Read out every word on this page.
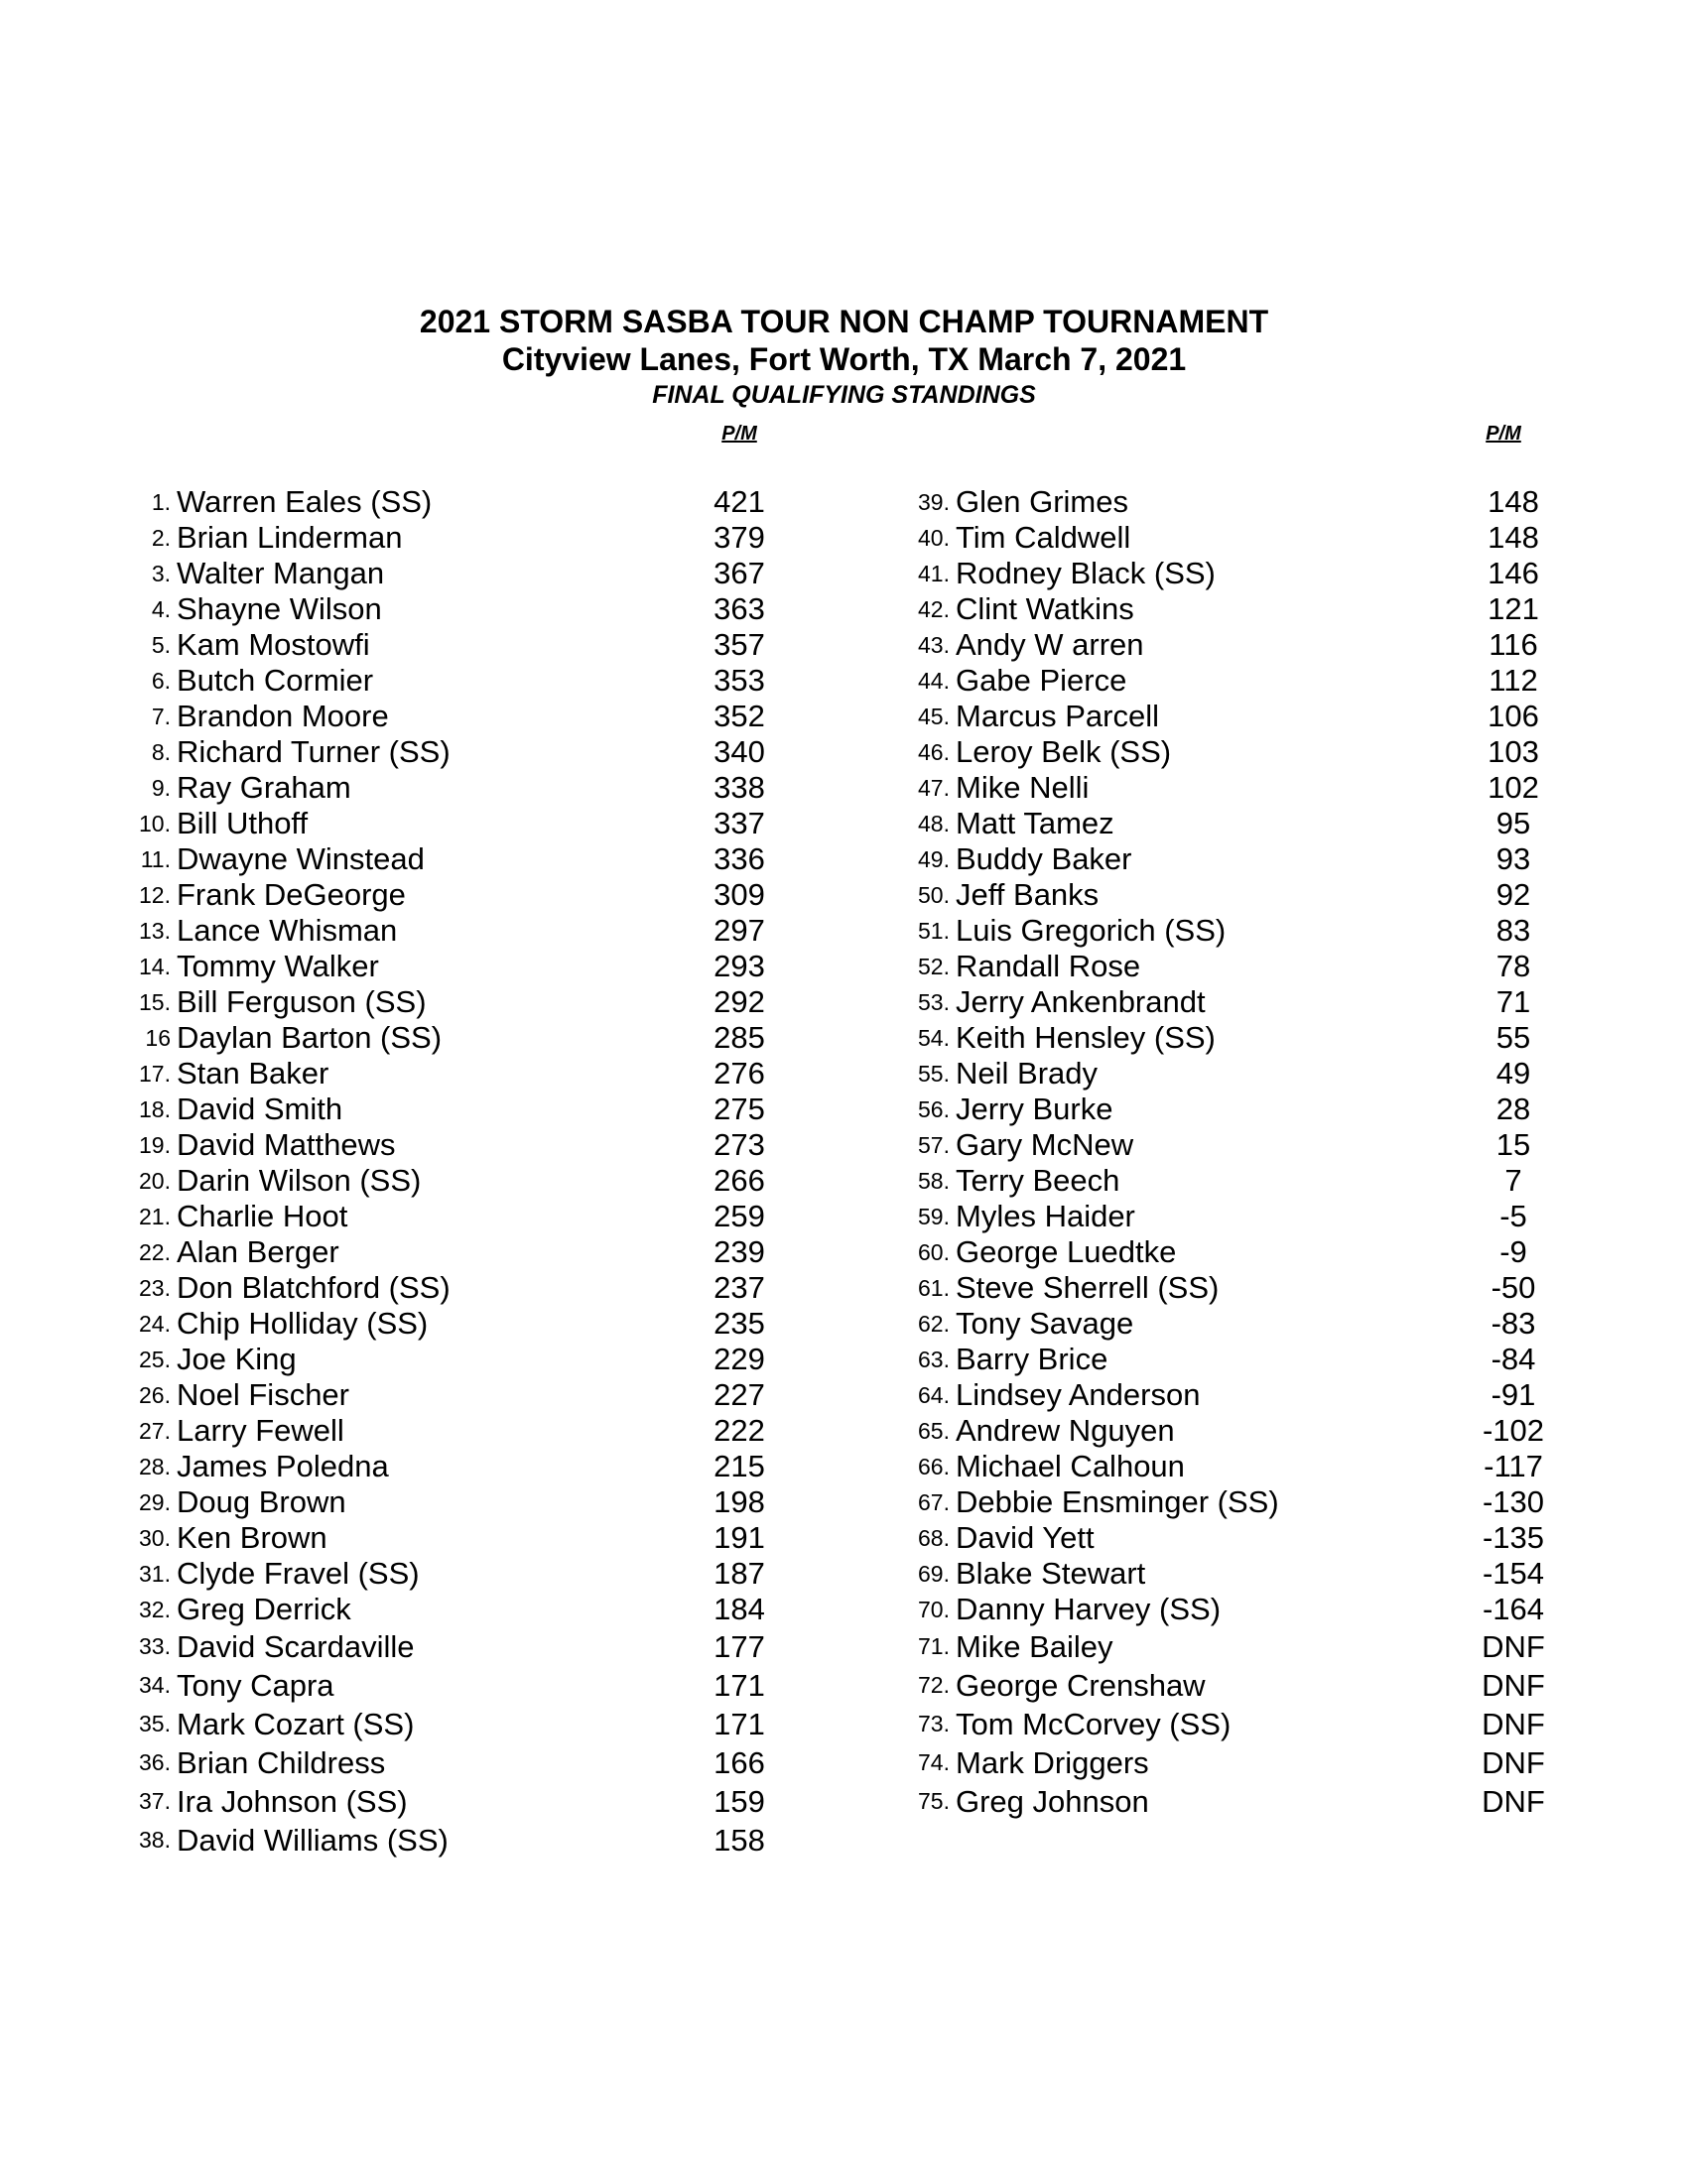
2021 STORM SASBA TOUR NON CHAMP TOURNAMENT
Cityview Lanes, Fort Worth, TX March 7, 2021
FINAL QUALIFYING STANDINGS
P/M	P/M
1. Warren Eales (SS)	421
2. Brian Linderman	379
3. Walter Mangan	367
4. Shayne Wilson	363
5. Kam Mostowfi	357
6. Butch Cormier	353
7. Brandon Moore	352
8. Richard Turner (SS)	340
9. Ray Graham	338
10. Bill Uthoff	337
11. Dwayne Winstead	336
12. Frank DeGeorge	309
13. Lance Whisman	297
14. Tommy Walker	293
15. Bill Ferguson (SS)	292
16 Daylan Barton (SS)	285
17. Stan Baker	276
18. David Smith	275
19. David Matthews	273
20. Darin Wilson (SS)	266
21. Charlie Hoot	259
22. Alan Berger	239
23. Don Blatchford (SS)	237
24. Chip Holliday (SS)	235
25. Joe King	229
26. Noel Fischer	227
27. Larry Fewell	222
28. James Poledna	215
29. Doug Brown	198
30. Ken Brown	191
31. Clyde Fravel (SS)	187
32. Greg Derrick	184
33. David Scardaville	177
34. Tony Capra	171
35. Mark Cozart (SS)	171
36. Brian Childress	166
37. Ira Johnson (SS)	159
38. David Williams (SS)	158
39. Glen Grimes	148
40. Tim Caldwell	148
41. Rodney Black (SS)	146
42. Clint Watkins	121
43. Andy W arren	116
44. Gabe Pierce	112
45. Marcus Parcell	106
46. Leroy Belk (SS)	103
47. Mike Nelli	102
48. Matt Tamez	95
49. Buddy Baker	93
50. Jeff Banks	92
51. Luis Gregorich (SS)	83
52. Randall Rose	78
53. Jerry Ankenbrandt	71
54. Keith Hensley (SS)	55
55. Neil Brady	49
56. Jerry Burke	28
57. Gary McNew	15
58. Terry Beech	7
59. Myles Haider	-5
60. George Luedtke	-9
61. Steve Sherrell (SS)	-50
62. Tony Savage	-83
63. Barry Brice	-84
64. Lindsey Anderson	-91
65. Andrew Nguyen	-102
66. Michael Calhoun	-117
67. Debbie Ensminger (SS)	-130
68. David Yett	-135
69. Blake Stewart	-154
70. Danny Harvey (SS)	-164
71. Mike Bailey	DNF
72. George Crenshaw	DNF
73. Tom McCorvey (SS)	DNF
74. Mark Driggers	DNF
75. Greg Johnson	DNF
